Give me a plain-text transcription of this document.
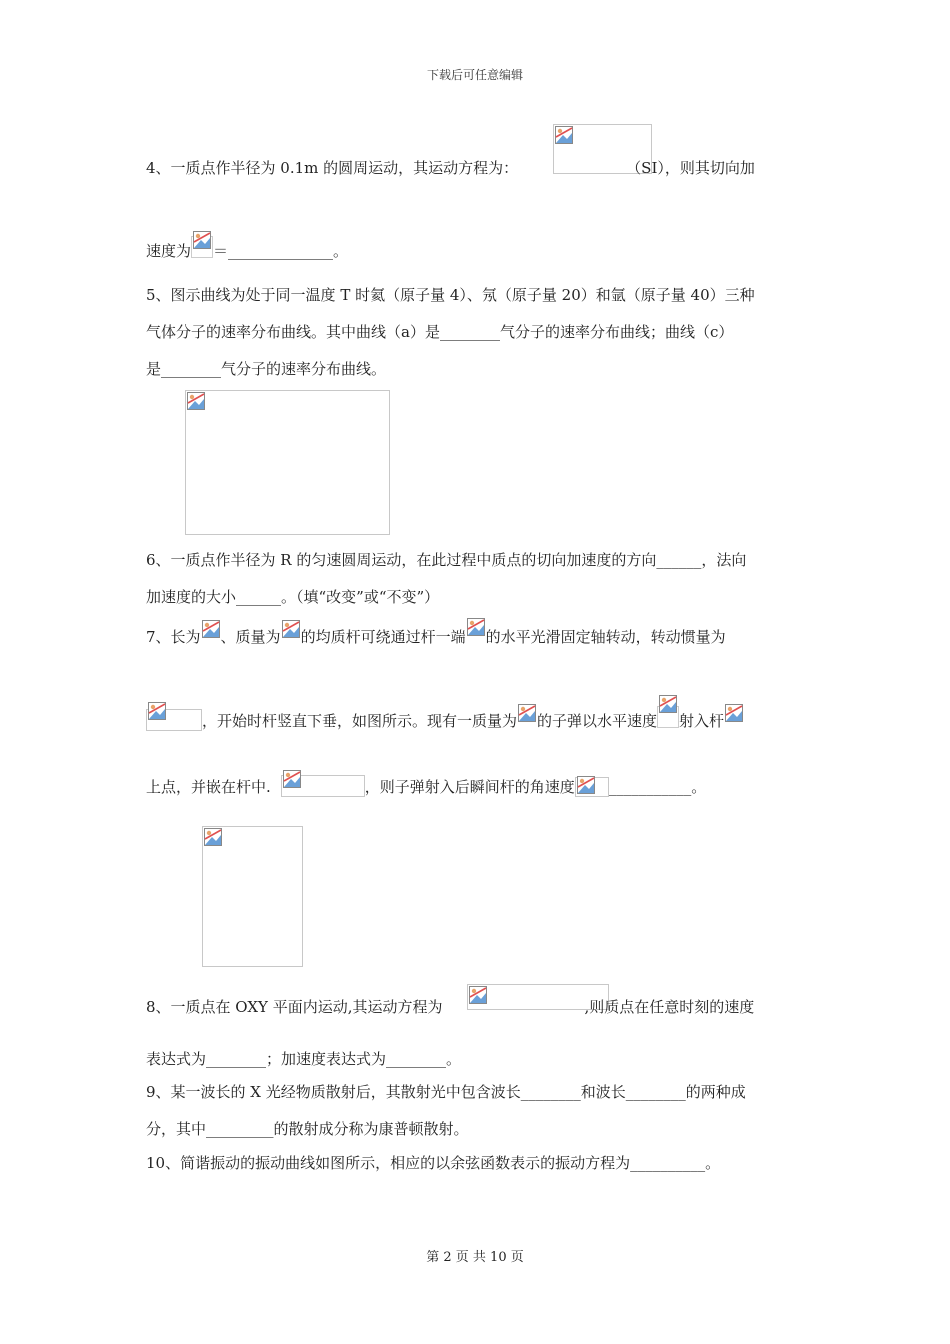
下载后可任意编辑
4、一质点作半径为 0.1m 的圆周运动，其运动方程为：	（SI），则其切向加
速度为 ＝______________。
5、图示曲线为处于同一温度 T 时氦（原子量 4）、氖（原子量 20）和氩（原子量 40）三种
气体分子的速率分布曲线。其中曲线（a）是________气分子的速率分布曲线；曲线（c）
是________气分子的速率分布曲线。
6、一质点作半径为 R 的匀速圆周运动，在此过程中质点的切向加速度的方向______，法向
加速度的大小______。（填“改变”或“不变”）
7、长为 、质量为 的均质杆可绕通过杆一端 的水平光滑固定轴转动，转动惯量为
，开始时杆竖直下垂，如图所示。现有一质量为 的子弹以水平速度 射入杆
上点，并嵌在杆中.	，则子弹射入后瞬间杆的角速度 ___________。
8、一质点在 OXY 平面内运动,其运动方程为	,则质点在任意时刻的速度
表达式为________；加速度表达式为________。
9、某一波长的 X 光经物质散射后，其散射光中包含波长________和波长________的两种成
分，其中_________的散射成分称为康普顿散射。
10、简谐振动的振动曲线如图所示，相应的以余弦函数表示的振动方程为__________。
第 2 页 共 10 页
